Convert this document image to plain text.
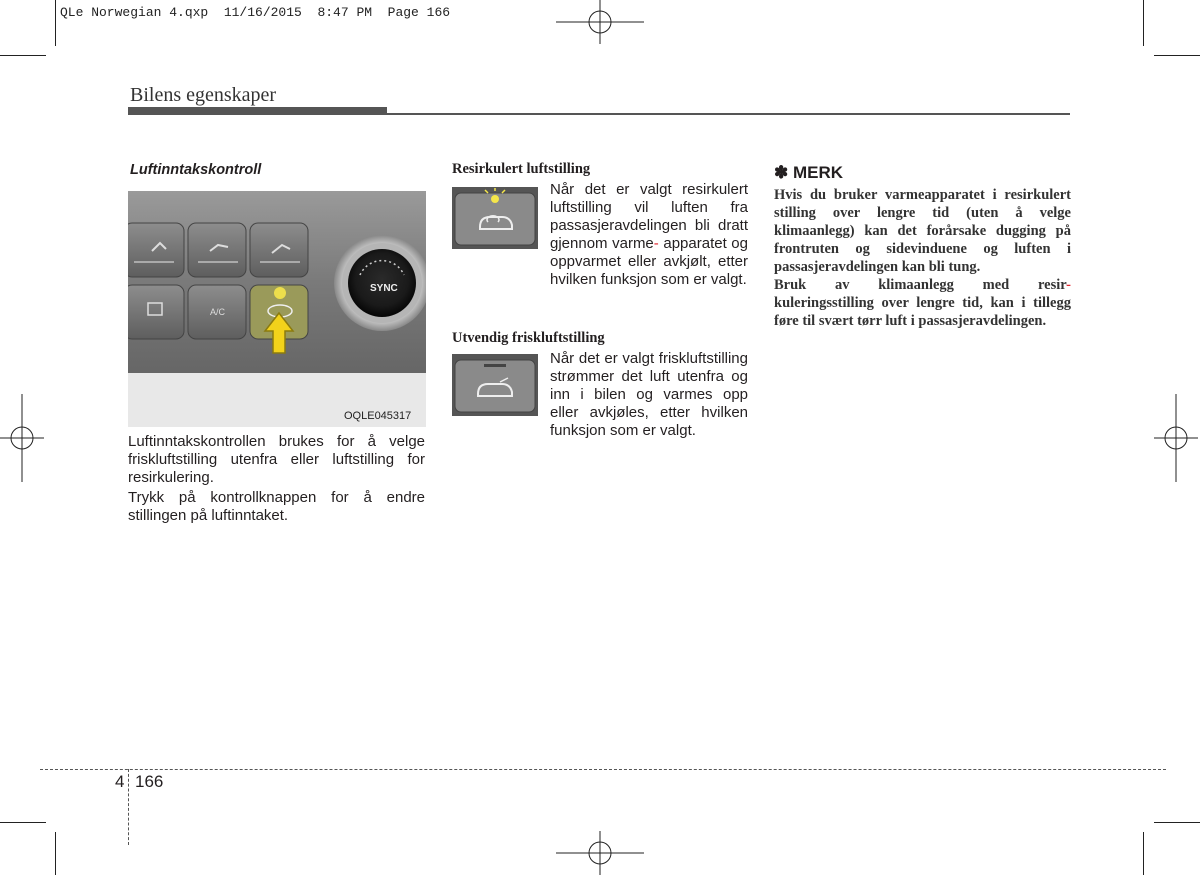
QLe Norwegian 4.qxp  11/16/2015  8:47 PM  Page 166
Bilens egenskaper
Luftinntakskontroll
A/C
SYNC
OQLE045317
Luftinntakskontrollen brukes for å velge friskluftstilling utenfra eller luftstilling for resirkulering.
Trykk på kontrollknappen for å endre stillingen på luftinntaket.
Resirkulert luftstilling
Når det er valgt resirkulert luftstilling vil luften fra passasjeravdelingen bli dratt gjennom varme- apparatet og oppvarmet eller avkjølt, etter hvilken funksjon som er valgt.
Utvendig friskluftstilling
Når det er valgt friskluftstilling strømmer det luft utenfra og inn i bilen og varmes opp eller avkjøles, etter hvilken funksjon som er valgt.
✽ MERK
Hvis du bruker varmeapparatet i resirkulert stilling over lengre tid (uten å velge klimaanlegg) kan det forårsake dugging på frontruten og sidevinduene og luften i passasjeravdelingen kan bli tung.
Bruk av klimaanlegg med resir- kuleringsstilling over lengre tid, kan i tillegg føre til svært tørr luft i passasjeravdelingen.
4 166
